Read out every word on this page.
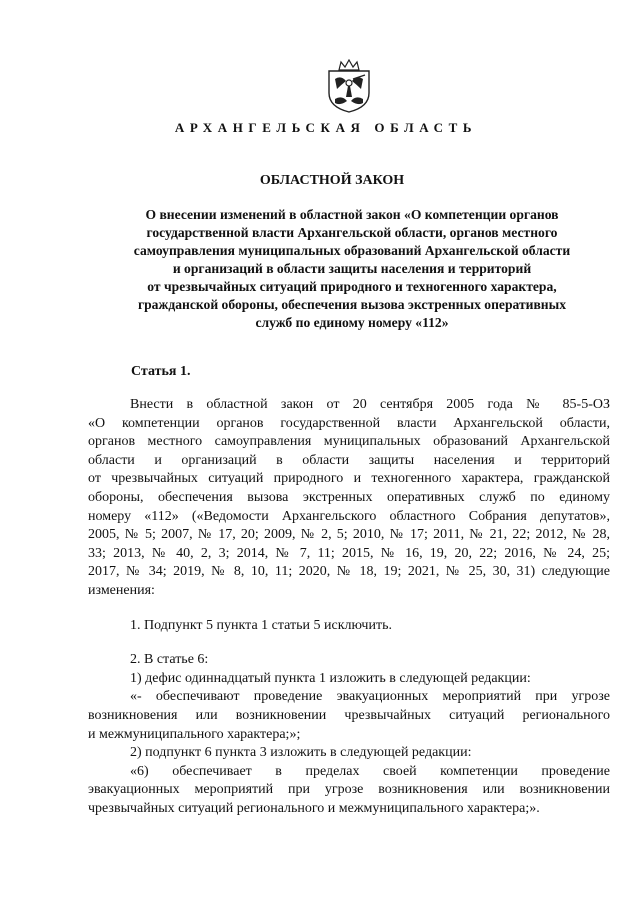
АРХАНГЕЛЬСКАЯ ОБЛАСТЬ
ОБЛАСТНОЙ ЗАКОН
О внесении изменений в областной закон «О компетенции органов
государственной власти Архангельской области, органов местного
самоуправления муниципальных образований Архангельской области
и организаций в области защиты населения и территорий
от чрезвычайных ситуаций природного и техногенного характера,
гражданской обороны, обеспечения вызова экстренных оперативных
служб по единому номеру «112»
Статья 1.
Внести в областной закон от 20 сентября 2005 года № 85-5-ОЗ
«О компетенции органов государственной власти Архангельской области,
органов местного самоуправления муниципальных образований Архангельской
области и организаций в области защиты населения и территорий
от чрезвычайных ситуаций природного и техногенного характера, гражданской
обороны, обеспечения вызова экстренных оперативных служб по единому
номеру «112» («Ведомости Архангельского областного Собрания депутатов»,
2005, № 5; 2007, № 17, 20; 2009, № 2, 5; 2010, № 17; 2011, № 21, 22; 2012, № 28,
33; 2013, № 40, 2, 3; 2014, № 7, 11; 2015, № 16, 19, 20, 22; 2016, № 24, 25;
2017, № 34; 2019, № 8, 10, 11; 2020, № 18, 19; 2021, № 25, 30, 31) следующие
изменения:
1. Подпункт 5 пункта 1 статьи 5 исключить.
2. В статье 6:
1) дефис одиннадцатый пункта 1 изложить в следующей редакции:
«- обеспечивают проведение эвакуационных мероприятий при угрозе
возникновения или возникновении чрезвычайных ситуаций регионального
и межмуниципального характера;»;
2) подпункт 6 пункта 3 изложить в следующей редакции:
«6) обеспечивает в пределах своей компетенции проведение
эвакуационных мероприятий при угрозе возникновения или возникновении
чрезвычайных ситуаций регионального и межмуниципального характера;».
